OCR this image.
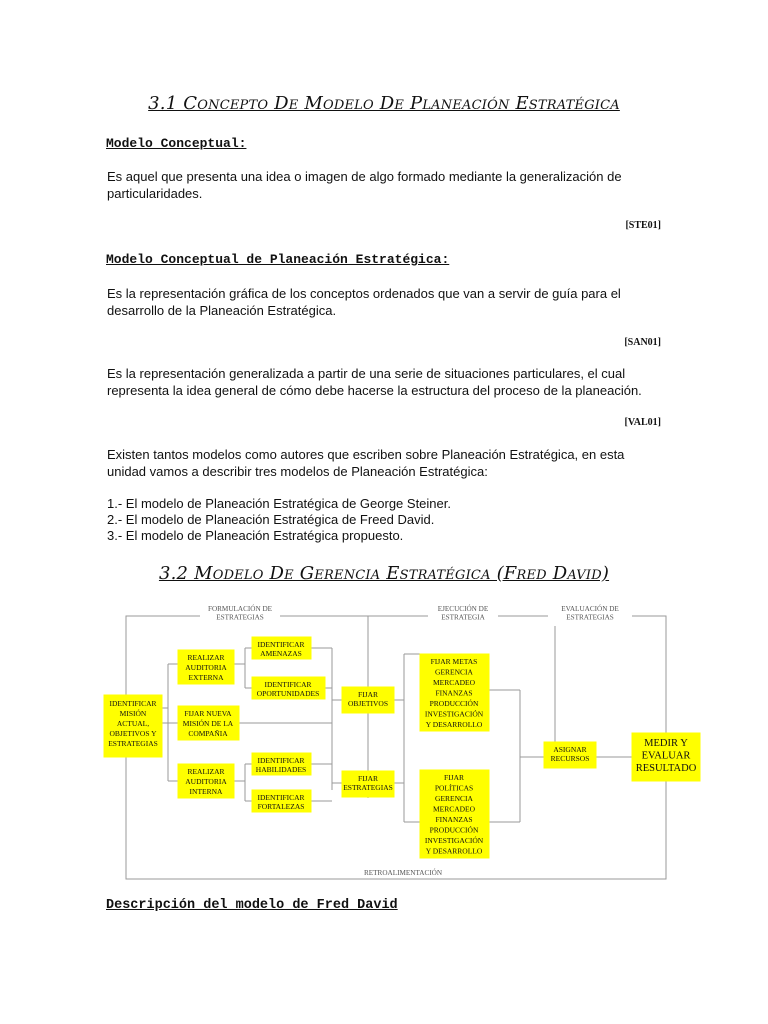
3.1 Concepto De Modelo De Planeación Estratégica
Modelo Conceptual:

Es aquel que presenta una idea o imagen de algo formado mediante la generalización de particularidades.

[STE01]
Modelo Conceptual de Planeación Estratégica:

Es la representación gráfica de los conceptos ordenados que van a servir de guía para el desarrollo de la Planeación Estratégica.

[SAN01]

Es la representación generalizada a partir de una serie de situaciones particulares, el cual representa la idea general de cómo debe hacerse la estructura del proceso de la planeación.

[VAL01]

Existen tantos modelos como autores que escriben sobre Planeación Estratégica, en esta unidad vamos a describir tres modelos de Planeación Estratégica:

1.- El modelo de Planeación Estratégica de George Steiner.
2.- El modelo de Planeación Estratégica de Freed David.
3.- El modelo de Planeación Estratégica propuesto.
3.2 Modelo De Gerencia Estratégica (Fred David)
FORMULACIÓN DE ESTRATEGIAS
EJECUCIÓN DE ESTRATEGIA
EVALUACIÓN DE ESTRATEGIAS
IDENTIFICAR MISIÓN ACTUAL, OBJETIVOS Y ESTRATEGIAS
REALIZAR AUDITORIA EXTERNA
FIJAR NUEVA MISIÓN DE LA COMPAÑIA
REALIZAR AUDITORIA INTERNA
IDENTIFICAR AMENAZAS
IDENTIFICAR OPORTUNIDADES
IDENTIFICAR HABILIDADES
IDENTIFICAR FORTALEZAS
FIJAR OBJETIVOS
FIJAR ESTRATEGIAS
FIJAR METAS GERENCIA MERCADEO FINANZAS PRODUCCIÓN INVESTIGACIÓN Y DESARROLLO
FIJAR POLÍTICAS GERENCIA MERCADEO FINANZAS PRODUCCIÓN INVESTIGACIÓN Y DESARROLLO
ASIGNAR RECURSOS
MEDIR Y EVALUAR RESULTADO
RETROALIMENTACIÓN
Descripción del modelo de Fred David
